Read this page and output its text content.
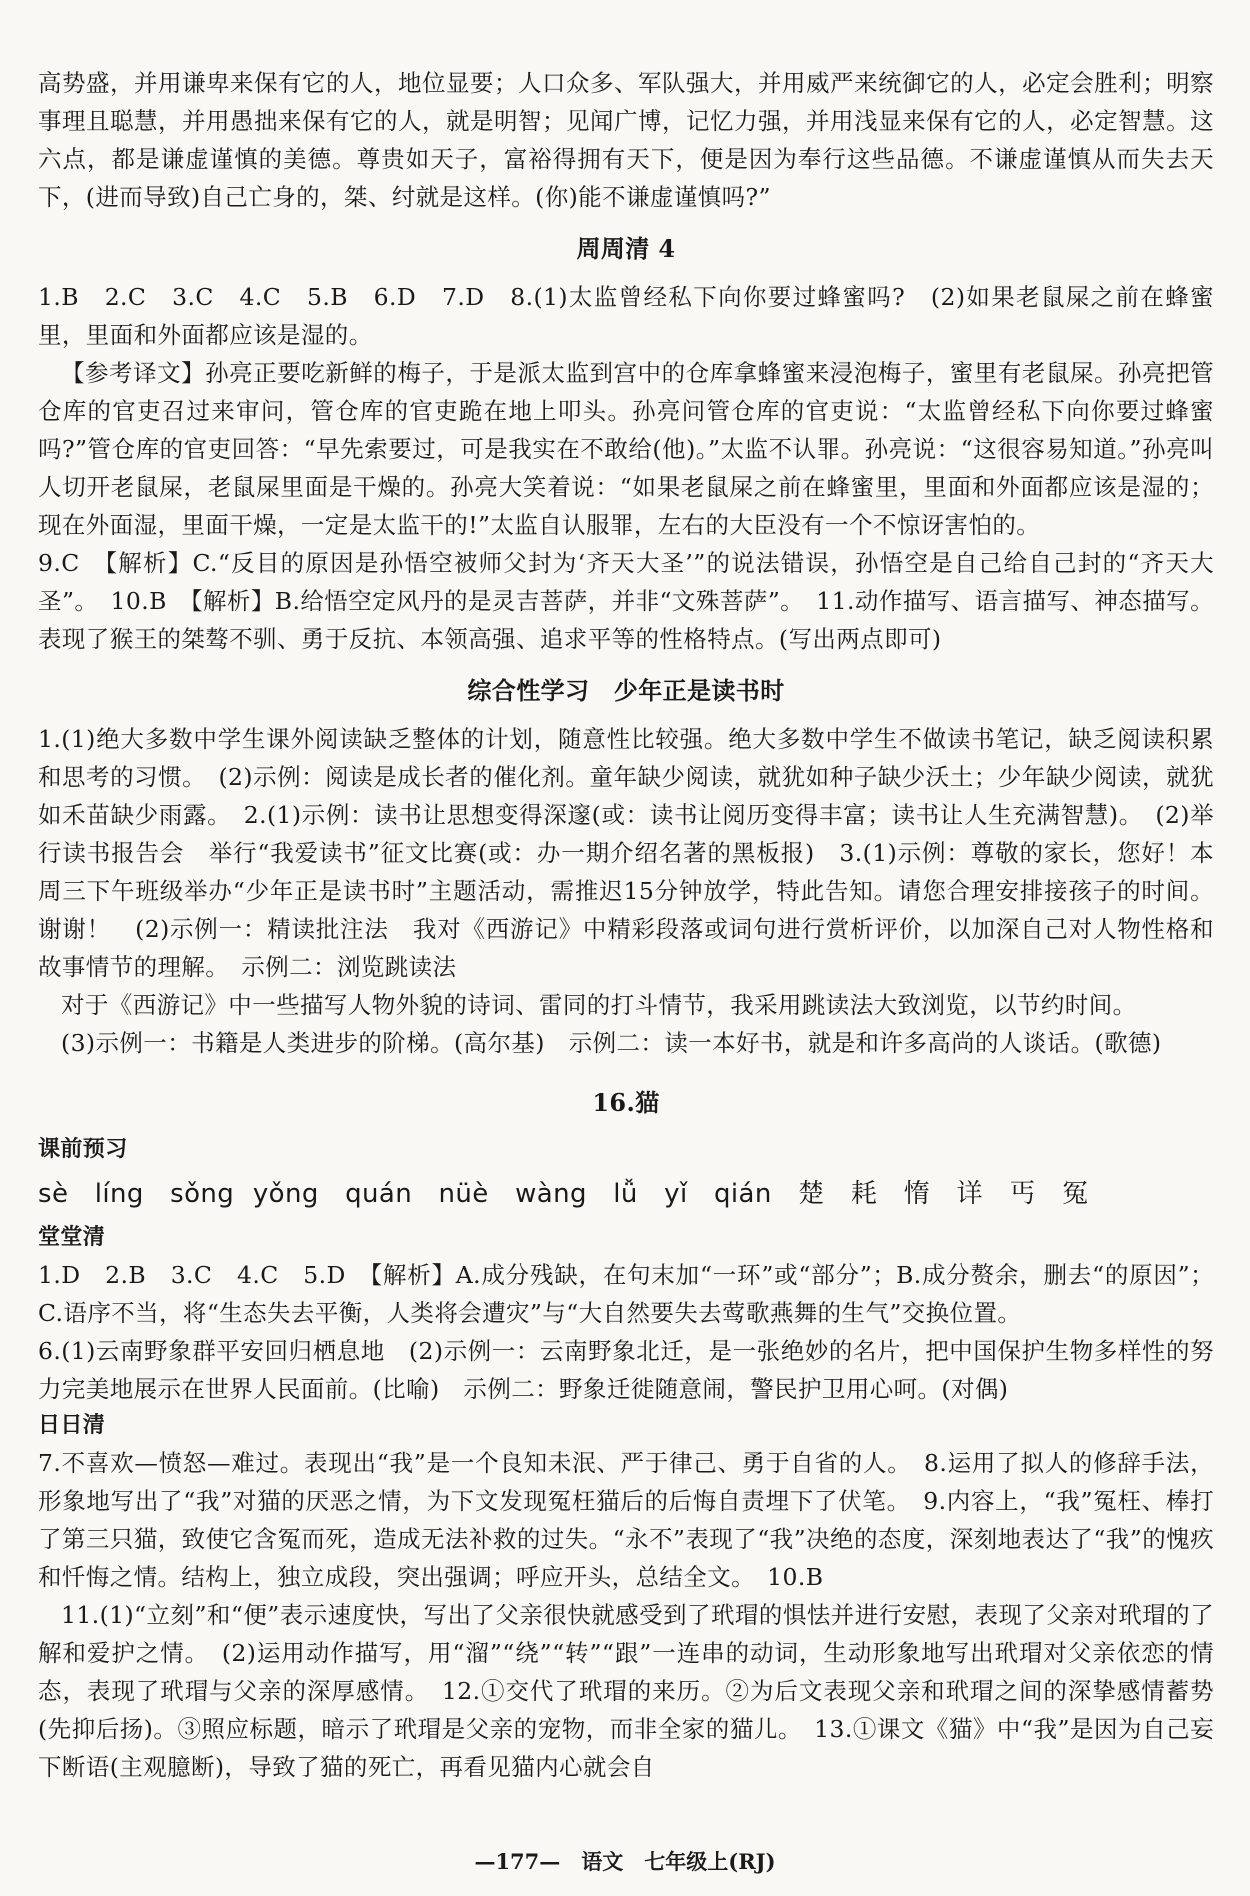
高势盛，并用谦卑来保有它的人，地位显要；人口众多、军队强大，并用威严来统御它的人，必定会胜利；明察事理且聪慧，并用愚拙来保有它的人，就是明智；见闻广博，记忆力强，并用浅显来保有它的人，必定智慧。这六点，都是谦虚谨慎的美德。尊贵如天子，富裕得拥有天下，便是因为奉行这些品德。不谦虚谨慎从而失去天下，(进而导致)自己亡身的，桀、纣就是这样。(你)能不谦虚谨慎吗?”
周周清 4
1.B　2.C　3.C　4.C　5.B　6.D　7.D　8.(1)太监曾经私下向你要过蜂蜜吗?　(2)如果老鼠屎之前在蜂蜜里，里面和外面都应该是湿的。
【参考译文】孙亮正要吃新鲜的梅子，于是派太监到宫中的仓库拿蜂蜜来浸泡梅子，蜜里有老鼠屎。孙亮把管仓库的官吏召过来审问，管仓库的官吏跪在地上叩头。孙亮问管仓库的官吏说：“太监曾经私下向你要过蜂蜜吗?”管仓库的官吏回答：“早先索要过，可是我实在不敢给(他)。”太监不认罪。孙亮说：“这很容易知道。”孙亮叫人切开老鼠屎，老鼠屎里面是干燥的。孙亮大笑着说：“如果老鼠屎之前在蜂蜜里，里面和外面都应该是湿的；现在外面湿，里面干燥，一定是太监干的!”太监自认服罪，左右的大臣没有一个不惊讶害怕的。
9.C　【解析】C.“反目的原因是孙悟空被师父封为‘齐天大圣’”的说法错误，孙悟空是自己给自己封的“齐天大圣”。　10.B　【解析】B.给悟空定风丹的是灵吉菩萨，并非“文殊菩萨”。　11.动作描写、语言描写、神态描写。表现了猴王的桀骜不驯、勇于反抗、本领高强、追求平等的性格特点。(写出两点即可)
综合性学习　少年正是读书时
1.(1)绝大多数中学生课外阅读缺乏整体的计划，随意性比较强。绝大多数中学生不做读书笔记，缺乏阅读积累和思考的习惯。　(2)示例：阅读是成长者的催化剂。童年缺少阅读，就犹如种子缺少沃土；少年缺少阅读，就犹如禾苗缺少雨露。　2.(1)示例：读书让思想变得深邃(或：读书让阅历变得丰富；读书让人生充满智慧)。　(2)举行读书报告会　举行“我爱读书”征文比赛(或：办一期介绍名著的黑板报)　3.(1)示例：尊敬的家长，您好！本周三下午班级举办“少年正是读书时”主题活动，需推迟15分钟放学，特此告知。请您合理安排接孩子的时间。谢谢！　(2)示例一：精读批注法　我对《西游记》中精彩段落或词句进行赏析评价，以加深自己对人物性格和故事情节的理解。　示例二：浏览跳读法
对于《西游记》中一些描写人物外貌的诗词、雷同的打斗情节，我采用跳读法大致浏览，以节约时间。
(3)示例一：书籍是人类进步的阶梯。(高尔基)　示例二：读一本好书，就是和许多高尚的人谈话。(歌德)
16.猫
课前预习
sè　líng　sǒng yǒng　quán　nüè　wàng　lǚ　yǐ　qián　楚　耗　惰　详　丐　冤
堂堂清
1.D　2.B　3.C　4.C　5.D　【解析】A.成分残缺，在句末加“一环”或“部分”；B.成分赘余，删去“的原因”；C.语序不当，将“生态失去平衡，人类将会遭灾”与“大自然要失去莺歌燕舞的生气”交换位置。
6.(1)云南野象群平安回归栖息地　(2)示例一：云南野象北迁，是一张绝妙的名片，把中国保护生物多样性的努力完美地展示在世界人民面前。(比喻)　示例二：野象迁徙随意闹，警民护卫用心呵。(对偶)
日日清
7.不喜欢—愤怒—难过。表现出“我”是一个良知未泯、严于律己、勇于自省的人。　8.运用了拟人的修辞手法，形象地写出了“我”对猫的厌恶之情，为下文发现冤枉猫后的后悔自责埋下了伏笔。　9.内容上，“我”冤枉、棒打了第三只猫，致使它含冤而死，造成无法补救的过失。“永不”表现了“我”决绝的态度，深刻地表达了“我”的愧疚和忏悔之情。结构上，独立成段，突出强调；呼应开头，总结全文。　10.B
11.(1)“立刻”和“便”表示速度快，写出了父亲很快就感受到了玳瑁的惧怯并进行安慰，表现了父亲对玳瑁的了解和爱护之情。　(2)运用动作描写，用“溜”“绕”“转”“跟”一连串的动词，生动形象地写出玳瑁对父亲依恋的情态，表现了玳瑁与父亲的深厚感情。　12.①交代了玳瑁的来历。②为后文表现父亲和玳瑁之间的深挚感情蓄势(先抑后扬)。③照应标题，暗示了玳瑁是父亲的宠物，而非全家的猫儿。　13.①课文《猫》中“我”是因为自己妄下断语(主观臆断)，导致了猫的死亡，再看见猫内心就会自
—177—　语文　七年级上(RJ)
